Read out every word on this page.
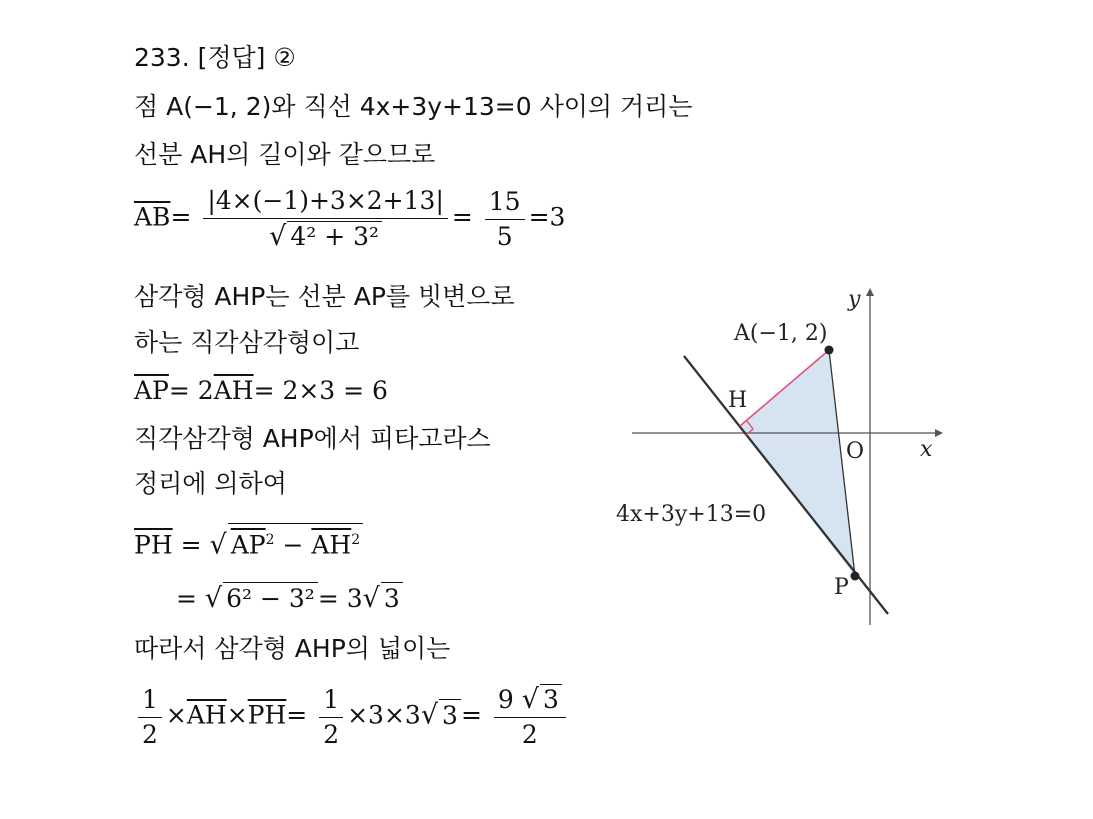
233. [정답] ②
점 A(−1, 2)와 직선 4x+3y+13=0 사이의 거리는
선분 AH의 길이와 같으므로
$\overline{AB}= \frac{|4\times(-1)+3\times 2+13|}{\text{√ 4² + 3²}} = \frac{15}{5} =3$
삼각형 AHP는 선분 AP를 빗변으로
하는 직각삼각형이고
$\overline{AP}= 2\overline{AH}= 2\times 3 = 6$
직각삼각형 AHP에서 피타고라스
정리에 의하여
$\overline{PH}$ = √ $AP^2 - \overline{AH}^2$
= √ 6² − 3² = 3√ 3
따라서 삼각형 AHP의 넓이는
$\frac{1}{2} \times\overline{AH}\times\overline{PH}= \frac{1}{2} \times 3\times 3√$ $3 = \frac{9 √ 3}{2}$
A(−1, 2)
H
O
P
x
y
4x+3y+13=0
